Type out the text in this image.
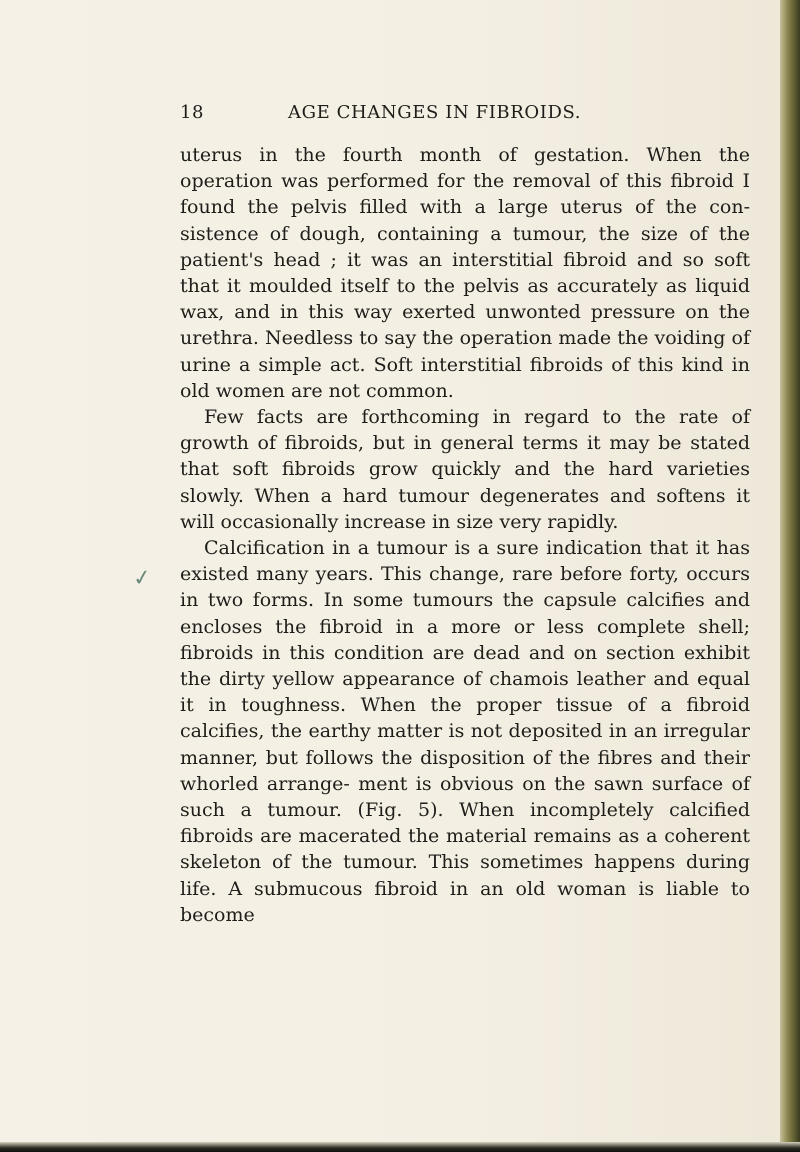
18	AGE CHANGES IN FIBROIDS.

uterus in the fourth month of gestation. When the operation was performed for the removal of this fibroid I found the pelvis filled with a large uterus of the con- sistence of dough, containing a tumour, the size of the patient's head ; it was an interstitial fibroid and so soft that it moulded itself to the pelvis as accurately as liquid wax, and in this way exerted unwonted pressure on the urethra. Needless to say the operation made the voiding of urine a simple act. Soft interstitial fibroids of this kind in old women are not common.

Few facts are forthcoming in regard to the rate of growth of fibroids, but in general terms it may be stated that soft fibroids grow quickly and the hard varieties slowly. When a hard tumour degenerates and softens it will occasionally increase in size very rapidly.

Calcification in a tumour is a sure indication that it has existed many years. This change, rare before forty, occurs in two forms. In some tumours the capsule calcifies and encloses the fibroid in a more or less complete shell; fibroids in this condition are dead and on section exhibit the dirty yellow appearance of chamois leather and equal it in toughness. When the proper tissue of a fibroid calcifies, the earthy matter is not deposited in an irregular manner, but follows the disposition of the fibres and their whorled arrange- ment is obvious on the sawn surface of such a tumour. (Fig. 5). When incompletely calcified fibroids are macerated the material remains as a coherent skeleton of the tumour. This sometimes happens during life. A submucous fibroid in an old woman is liable to become

✓
